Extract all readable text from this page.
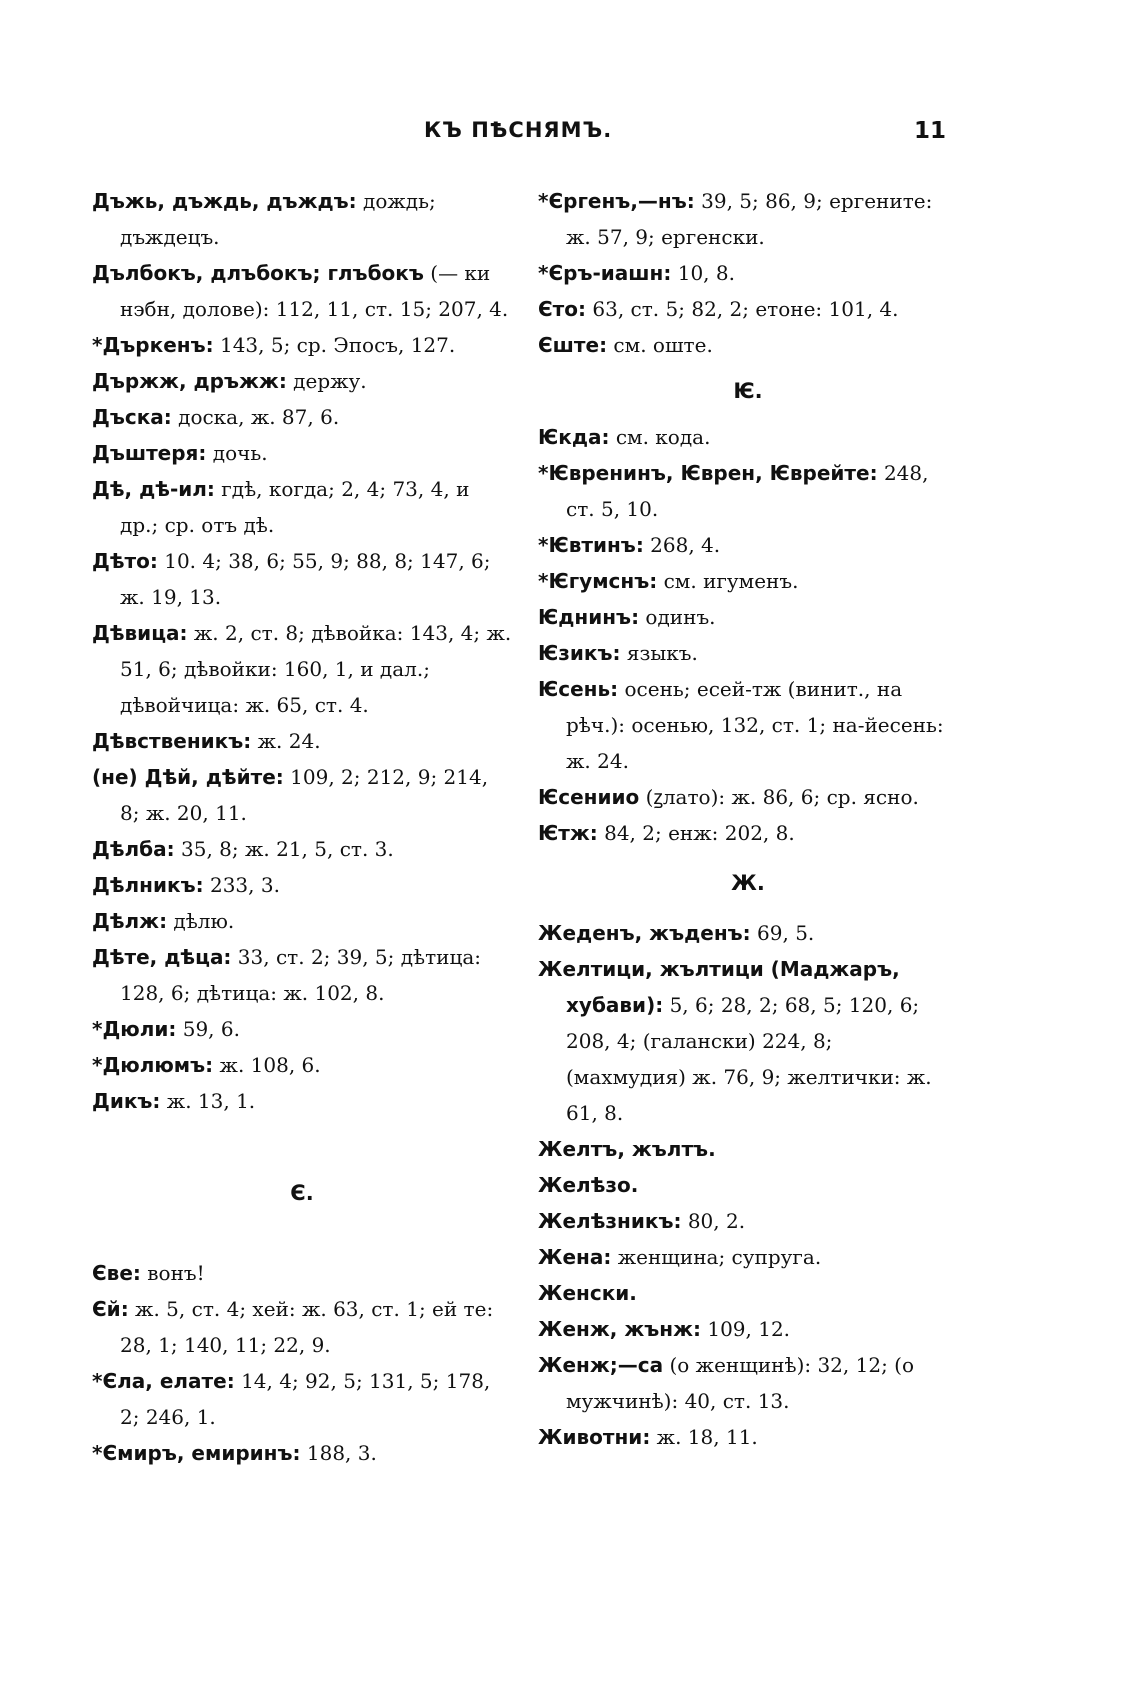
КЪ ПѢСНЯМЪ.	11

Дъжь, дъждь, дъждъ: дождь; дъждецъ.

Дълбокъ, длъбокъ; глъбокъ (— ки нэбн, долове): 112, 11, ст. 15; 207, 4.

*Дъркенъ: 143, 5; ср. Эпосъ, 127.

Държж, дръжж: держу.

Дъска: доска, ж. 87, 6.

Дъштеря: дочь.

Дѣ, дѣ-ил: гдѣ, когда; 2, 4; 73, 4, и др.; ср. отъ дѣ.

Дѣто: 10. 4; 38, 6; 55, 9; 88, 8; 147, 6; ж. 19, 13.

Дѣвица: ж. 2, ст. 8; дѣвойка: 143, 4; ж. 51, 6; дѣвойки: 160, 1, и дал.; дѣвойчица: ж. 65, ст. 4.

Дѣвственикъ: ж. 24.

(не) Дѣй, дѣйте: 109, 2; 212, 9; 214, 8; ж. 20, 11.

Дѣлба: 35, 8; ж. 21, 5, ст. 3.

Дѣлникъ: 233, 3.

Дѣлж: дѣлю.

Дѣте, дѣца: 33, ст. 2; 39, 5; дѣтица: 128, 6; дѣтица: ж. 102, 8.

*Дюли: 59, 6.

*Дюлюмъ: ж. 108, 6.

Дикъ: ж. 13, 1.

Є.

Єве: вонъ!

Єй: ж. 5, ст. 4; хей: ж. 63, ст. 1; ей те: 28, 1; 140, 11; 22, 9.

*Єла, елате: 14, 4; 92, 5; 131, 5; 178, 2; 246, 1.

*Ємиръ, емиринъ: 188, 3.

*Єргенъ,—нъ: 39, 5; 86, 9; ергените: ж. 57, 9; ергенски.

*Єръ-иашн: 10, 8.

Єто: 63, ст. 5; 82, 2; етоне: 101, 4.

Єште: см. оште.

Ѥ.

Ѥкда: см. кода.

*Ѥвренинъ, Ѥврен, Ѥврейте: 248, ст. 5, 10.

*Ѥвтинъ: 268, 4.

*Ѥгумснъ: см. игуменъ.

Ѥднинъ: одинъ.

Ѥзикъ: языкъ.

Ѥсень: осень; есей-тж (винит., на рѣч.): осенью, 132, ст. 1; на-йесень: ж. 24.

Ѥсениио (ꙁлато): ж. 86, 6; ср. ясно.

Ѥтж: 84, 2; енж: 202, 8.

Ж.

Жеденъ, жъденъ: 69, 5.

Желтици, жълтици (Маджаръ, хубави): 5, 6; 28, 2; 68, 5; 120, 6; 208, 4; (галански) 224, 8; (махмудия) ж. 76, 9; желтички: ж. 61, 8.

Желтъ, жълтъ.

Желѣзо.

Желѣзникъ: 80, 2.

Жена: женщина; супруга.

Женски.

Женж, жънж: 109, 12.

Женж;—са (о женщинѣ): 32, 12; (о мужчинѣ): 40, ст. 13.

Животни: ж. 18, 11.
